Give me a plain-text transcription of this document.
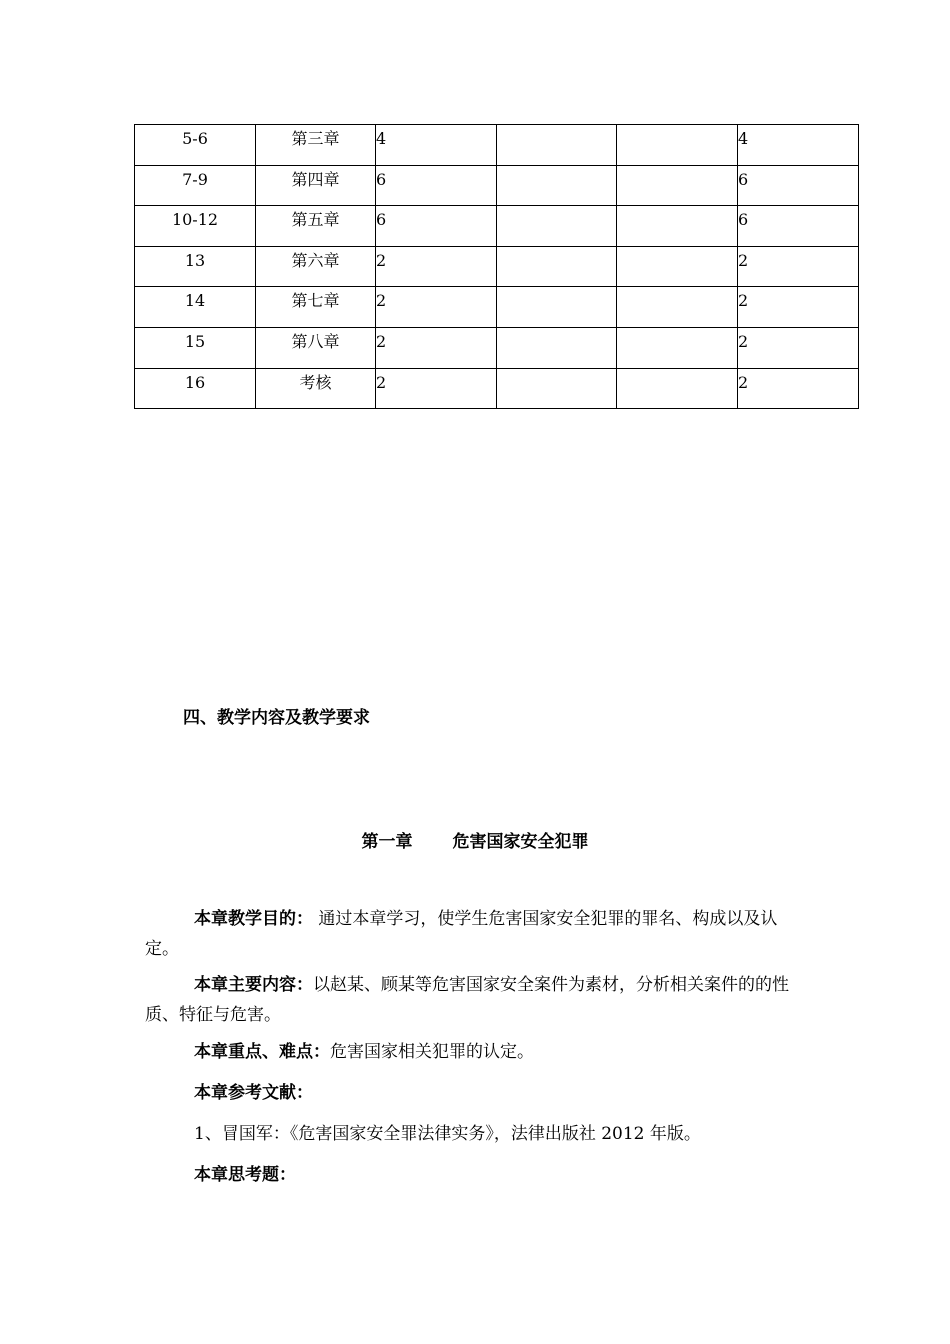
5-6	第三章	4			4
7-9	第四章	6			6
10-12	第五章	6			6
13	第六章	2			2
14	第七章	2			2
15	第八章	2			2
16	考核	2			2
四、教学内容及教学要求
第一章 危害国家安全犯罪
本章教学目的： 通过本章学习，使学生危害国家安全犯罪的罪名、构成以及认定。
本章主要内容：以赵某、顾某等危害国家安全案件为素材，分析相关案件的的性质、特征与危害。
本章重点、难点：危害国家相关犯罪的认定。
本章参考文献：
1、冒国军：《危害国家安全罪法律实务》，法律出版社 2012 年版。
本章思考题：
